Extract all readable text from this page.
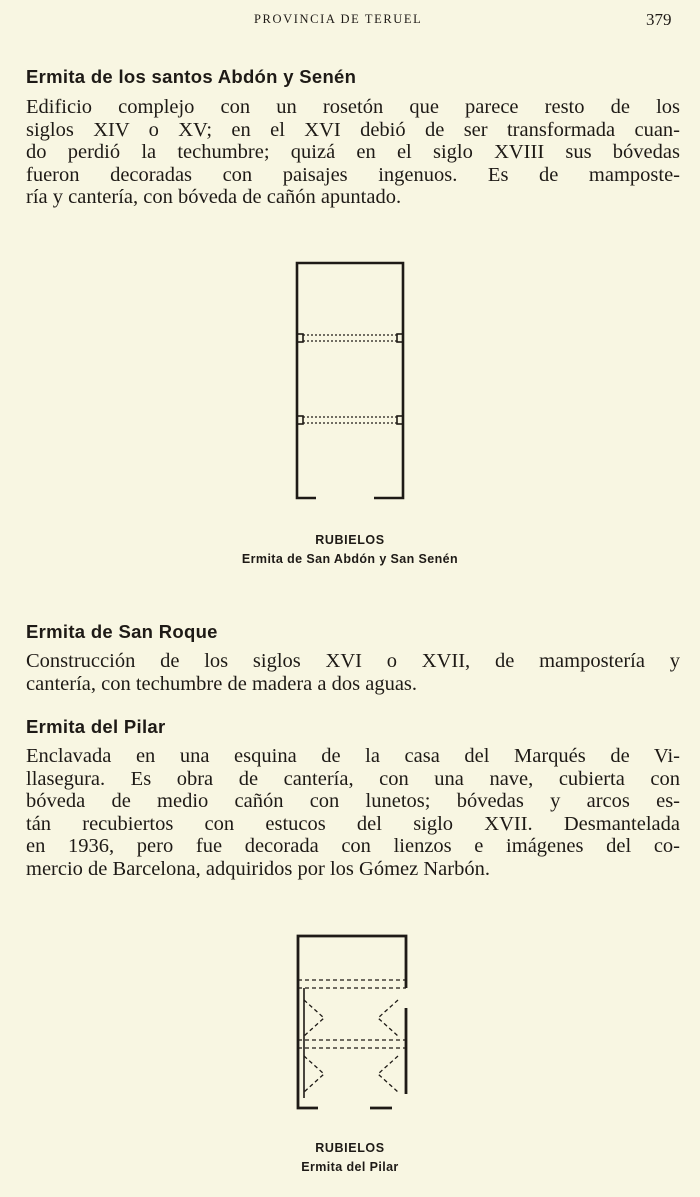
PROVINCIA DE TERUEL	379
Ermita de los santos Abdón y Senén

Edificio complejo con un rosetón que parece resto de los
siglos XIV o XV; en el XVI debió de ser transformada cuan-
do perdió la techumbre; quizá en el siglo XVIII sus bóvedas
fueron decoradas con paisajes ingenuos. Es de mamposte-
ría y cantería, con bóveda de cañón apuntado.

RUBIELOS
Ermita de San Abdón y San Senén
Ermita de San Roque

Construcción de los siglos XVI o XVII, de mampostería y
cantería, con techumbre de madera a dos aguas.

Ermita del Pilar

Enclavada en una esquina de la casa del Marqués de Vi-
llasegura. Es obra de cantería, con una nave, cubierta con
bóveda de medio cañón con lunetos; bóvedas y arcos es-
tán recubiertos con estucos del siglo XVII. Desmantelada
en 1936, pero fue decorada con lienzos e imágenes del co-
mercio de Barcelona, adquiridos por los Gómez Narbón.

RUBIELOS
Ermita del Pilar
